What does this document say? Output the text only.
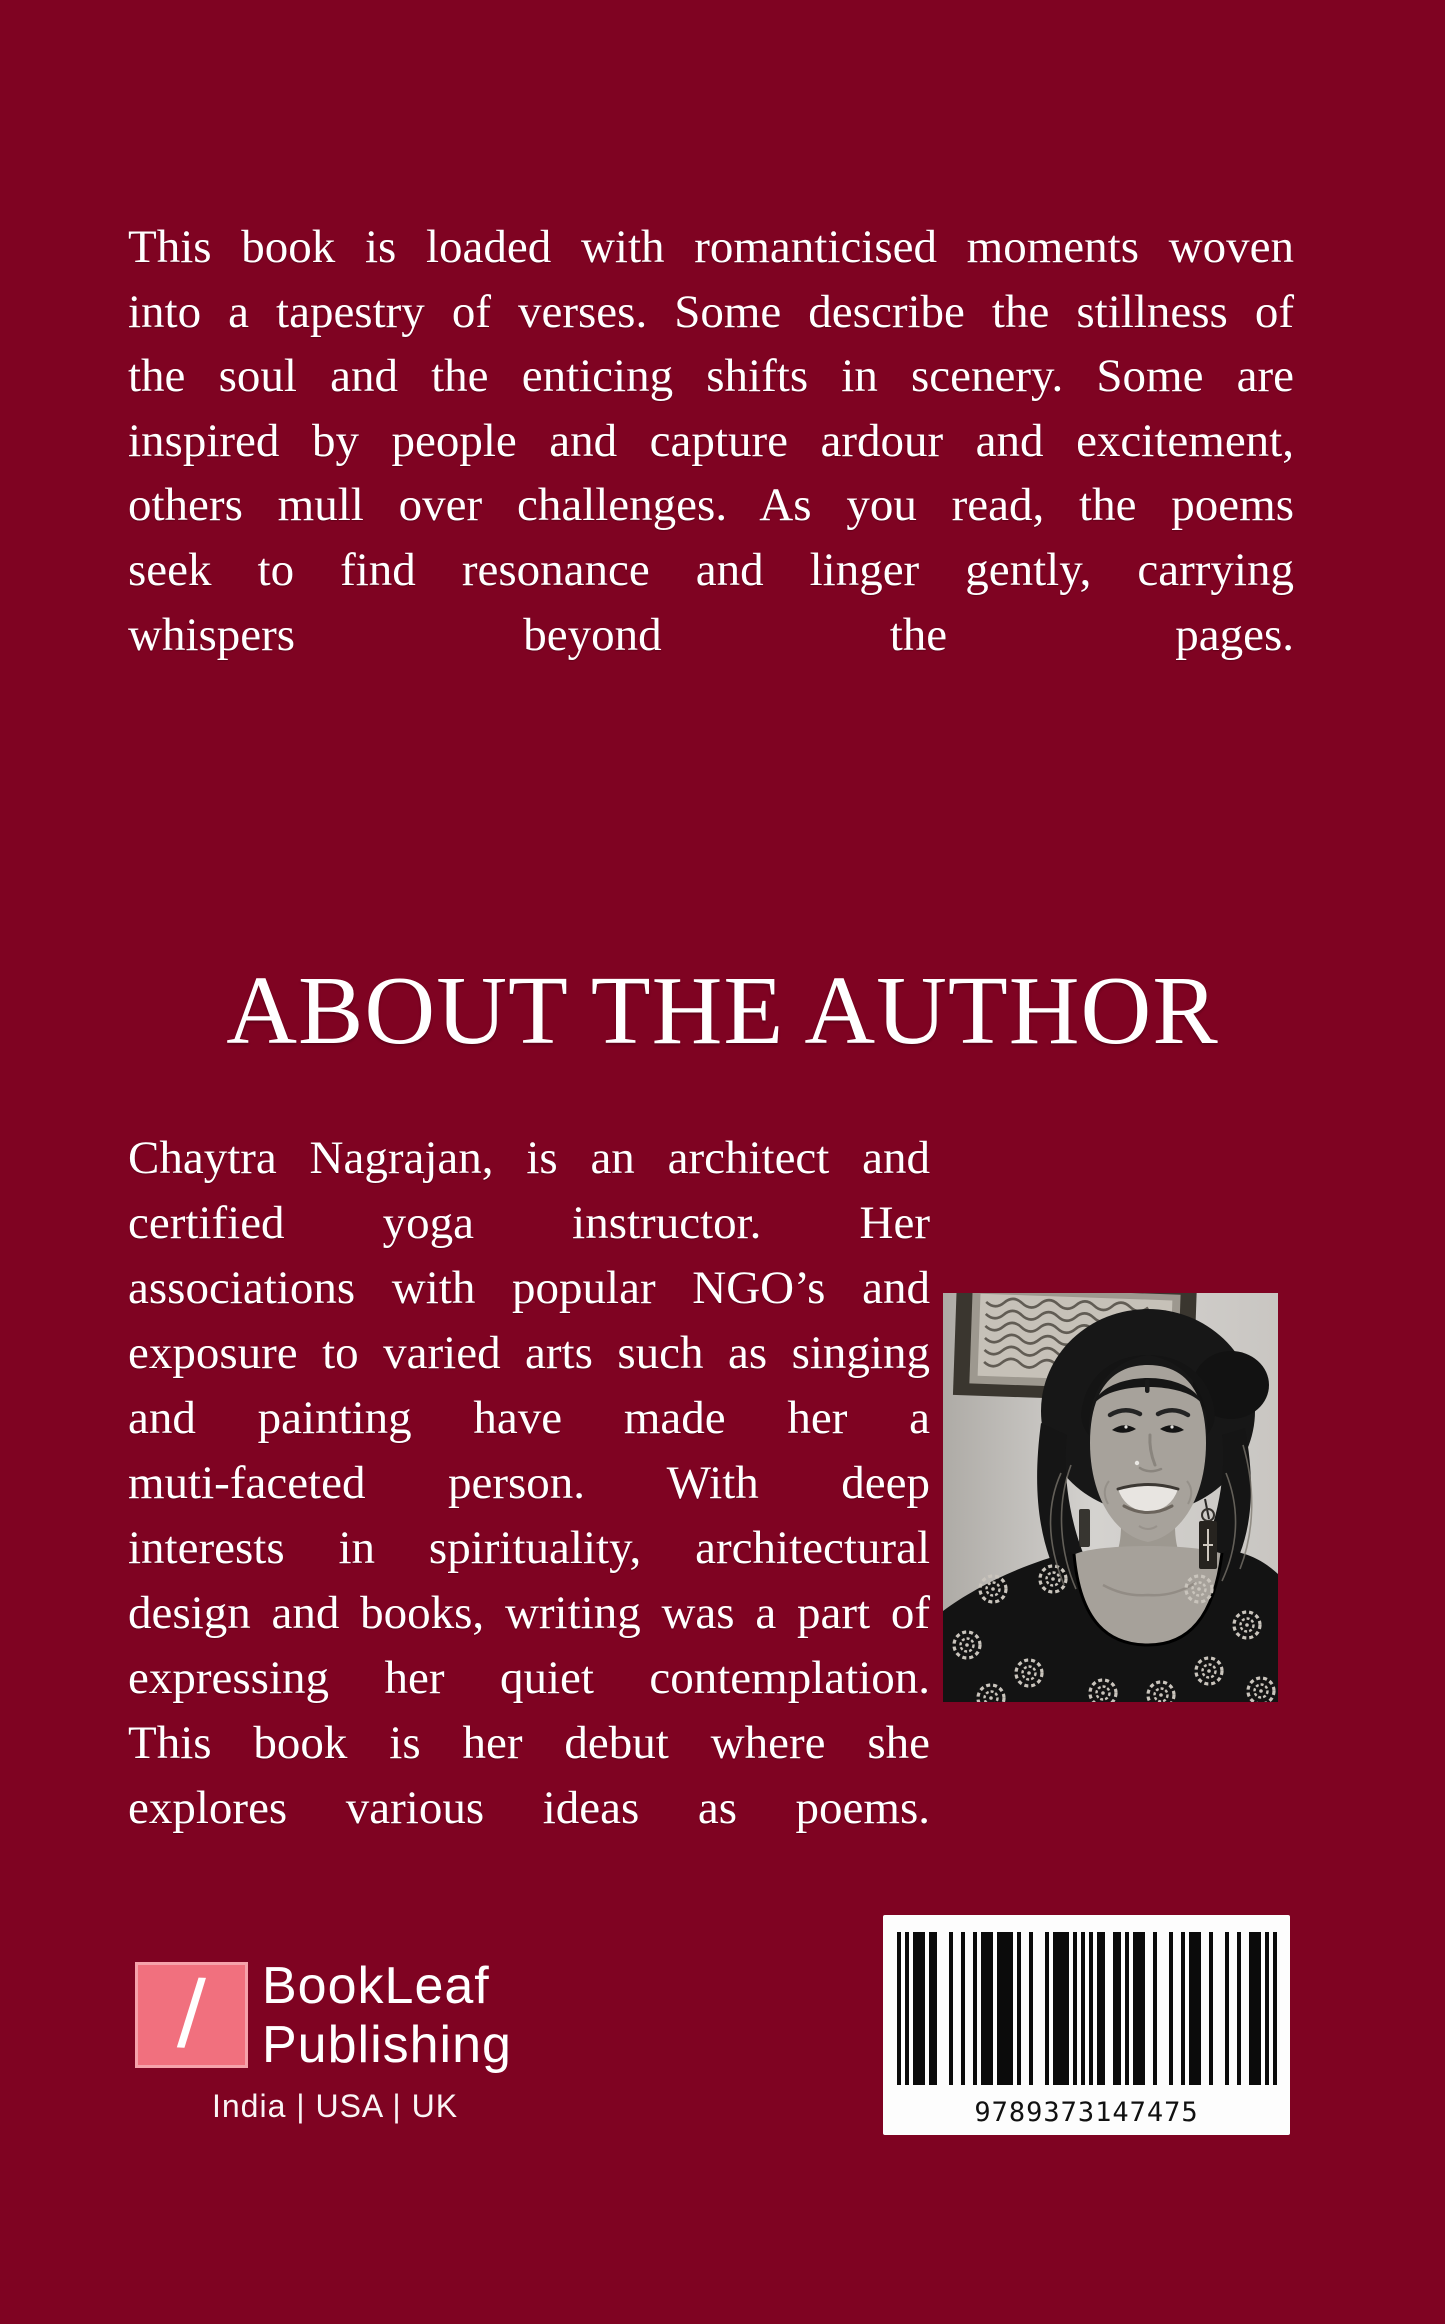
This book is loaded with romanticised moments woven
into a tapestry of verses. Some describe the stillness of
the soul and the enticing shifts in scenery. Some are
inspired by people and capture ardour and excitement,
others mull over challenges. As you read, the poems
seek to find resonance and linger gently, carrying
whispers beyond the pages.
ABOUT THE AUTHOR
Chaytra Nagrajan, is an architect and
certified yoga instructor. Her
associations with popular NGO’s and
exposure to varied arts such as singing
and painting have made her a
muti-faceted person. With deep
interests in spirituality, architectural
design and books, writing was a part of
expressing her quiet contemplation.
This book is her debut where she
explores various ideas as poems.
/ BookLeaf
Publishing
India | USA | UK	9789373147475
